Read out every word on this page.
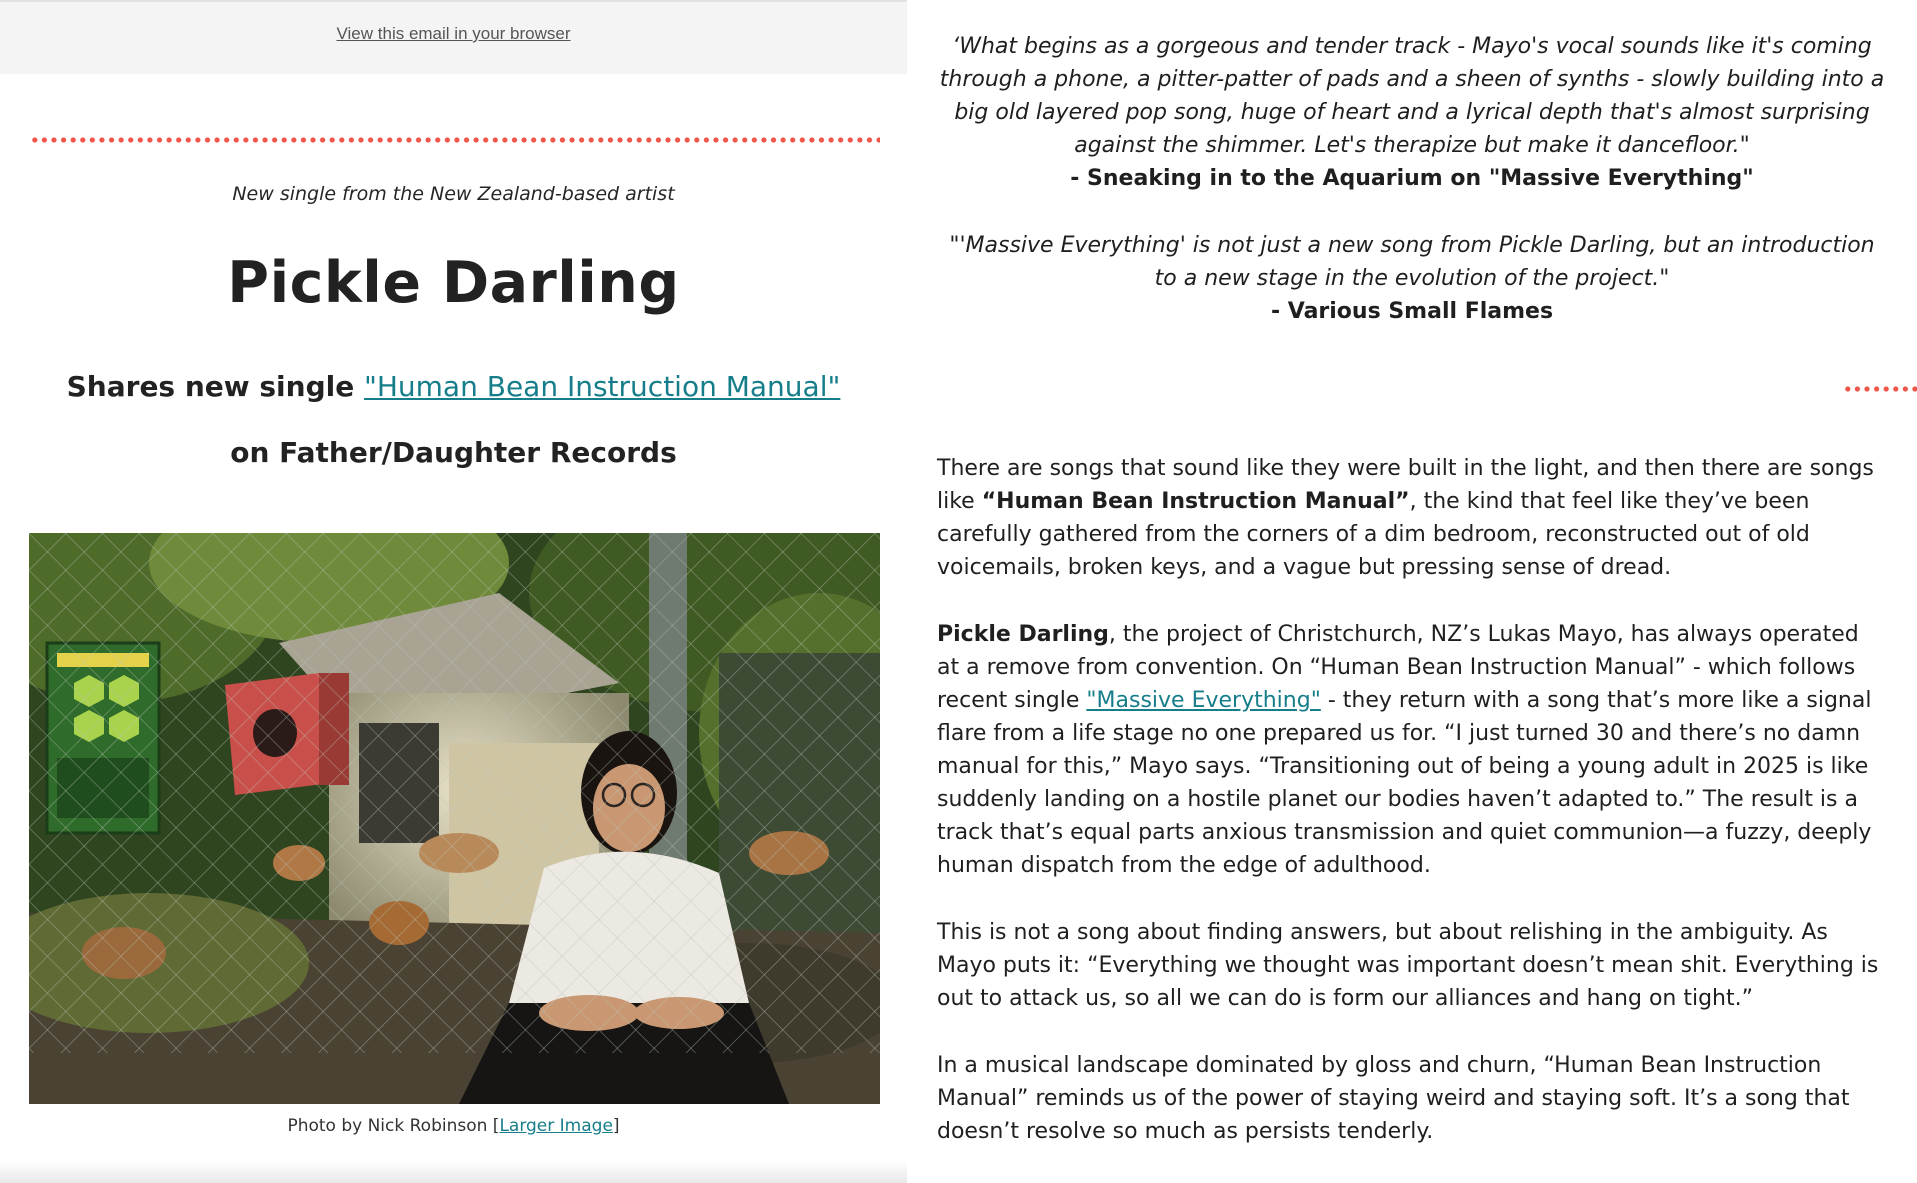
View this email in your browser
New single from the New Zealand-based artist
Pickle Darling
Shares new single "Human Bean Instruction Manual"
on Father/Daughter Records
Photo by Nick Robinson [Larger Image]
‘What begins as a gorgeous and tender track - Mayo's vocal sounds like it's coming through a phone, a pitter-patter of pads and a sheen of synths - slowly building into a big old layered pop song, huge of heart and a lyrical depth that's almost surprising against the shimmer. Let's therapize but make it dancefloor."
- Sneaking in to the Aquarium on "Massive Everything"
"'Massive Everything' is not just a new song from Pickle Darling, but an introduction to a new stage in the evolution of the project."
- Various Small Flames
There are songs that sound like they were built in the light, and then there are songs like “Human Bean Instruction Manual”, the kind that feel like they’ve been carefully gathered from the corners of a dim bedroom, reconstructed out of old voicemails, broken keys, and a vague but pressing sense of dread.
Pickle Darling, the project of Christchurch, NZ’s Lukas Mayo, has always operated at a remove from convention. On “Human Bean Instruction Manual” - which follows recent single "Massive Everything" - they return with a song that’s more like a signal flare from a life stage no one prepared us for. “I just turned 30 and there’s no damn manual for this,” Mayo says. “Transitioning out of being a young adult in 2025 is like suddenly landing on a hostile planet our bodies haven’t adapted to.” The result is a track that’s equal parts anxious transmission and quiet communion—a fuzzy, deeply human dispatch from the edge of adulthood.
This is not a song about finding answers, but about relishing in the ambiguity. As Mayo puts it: “Everything we thought was important doesn’t mean shit. Everything is out to attack us, so all we can do is form our alliances and hang on tight.”
In a musical landscape dominated by gloss and churn, “Human Bean Instruction Manual” reminds us of the power of staying weird and staying soft. It’s a song that doesn’t resolve so much as persists tenderly.
